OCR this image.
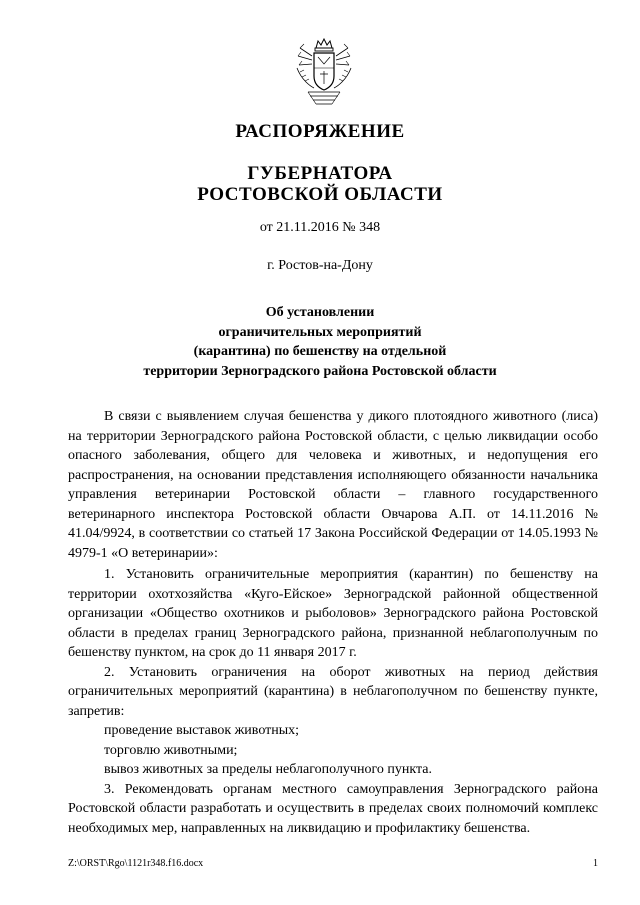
РАСПОРЯЖЕНИЕ
ГУБЕРНАТОРА
РОСТОВСКОЙ ОБЛАСТИ
от 21.11.2016 № 348
г. Ростов-на-Дону
Об установлении
ограничительных мероприятий
(карантина) по бешенству на отдельной
территории Зерноградского района Ростовской области

В связи с выявлением случая бешенства у дикого плотоядного животного (лиса) на территории Зерноградского района Ростовской области, с целью ликвидации особо опасного заболевания, общего для человека и животных, и недопущения его распространения, на основании представления исполняющего обязанности начальника управления ветеринарии Ростовской области – главного государственного ветеринарного инспектора Ростовской области Овчарова А.П. от 14.11.2016 № 41.04/9924, в соответствии со статьей 17 Закона Российской Федерации от 14.05.1993 № 4979-1 «О ветеринарии»:

1. Установить ограничительные мероприятия (карантин) по бешенству на территории охотхозяйства «Куго-Ейское» Зерноградской районной общественной организации «Общество охотников и рыболовов» Зерноградского района Ростовской области в пределах границ Зерноградского района, признанной неблагополучным по бешенству пунктом, на срок до 11 января 2017 г.

2. Установить ограничения на оборот животных на период действия ограничительных мероприятий (карантина) в неблагополучном по бешенству пункте, запретив:

проведение выставок животных;

торговлю животными;

вывоз животных за пределы неблагополучного пункта.

3. Рекомендовать органам местного самоуправления Зерноградского района Ростовской области разработать и осуществить в пределах своих полномочий комплекс необходимых мер, направленных на ликвидацию и профилактику бешенства.

Z:\ORST\Rgo\1121r348.f16.docx	1
